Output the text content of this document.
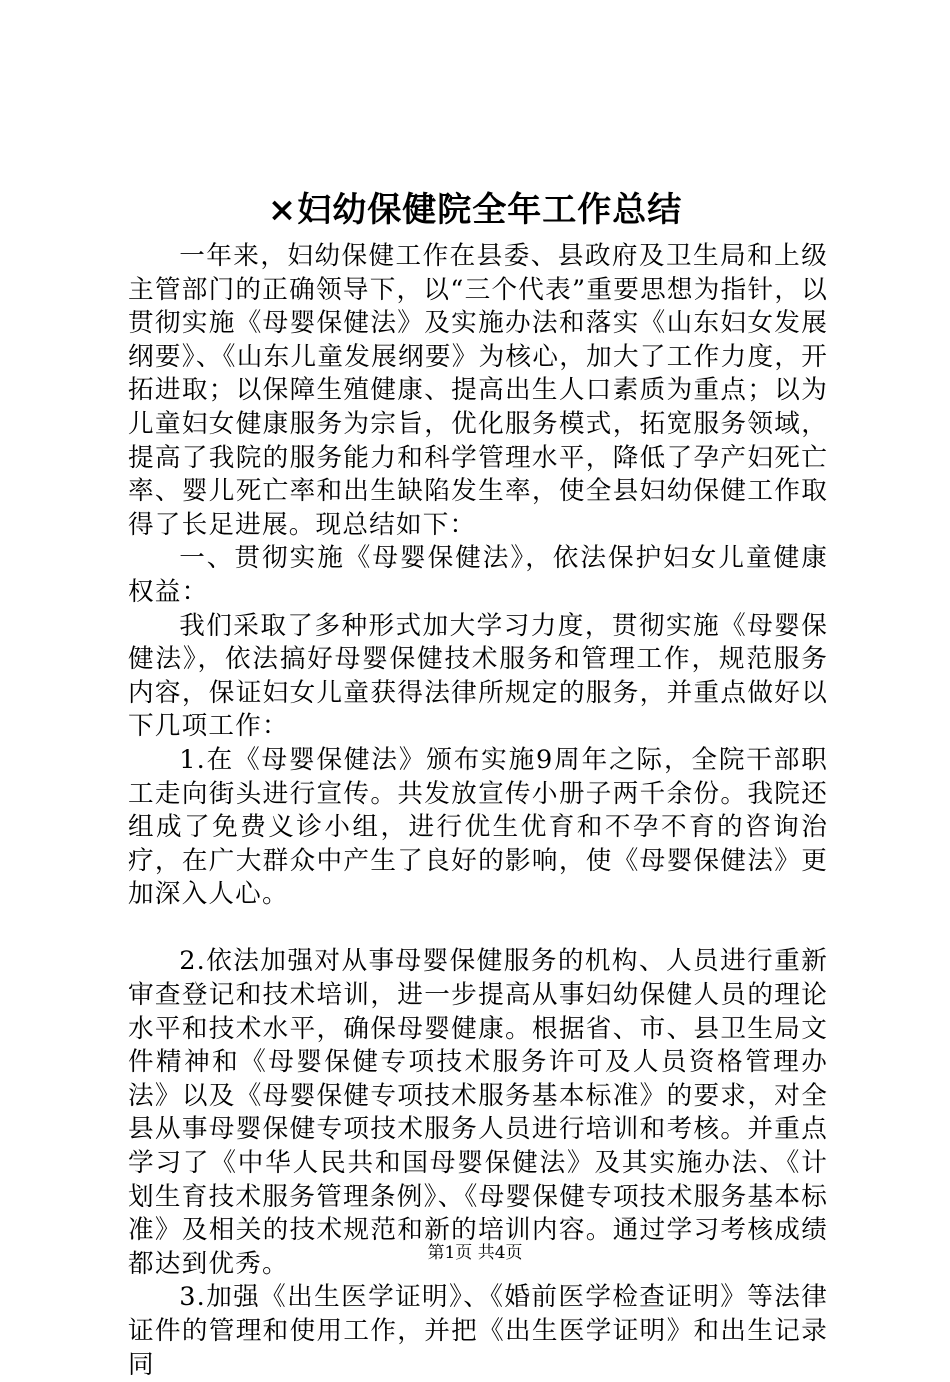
×妇幼保健院全年工作总结

一年来，妇幼保健工作在县委、县政府及卫生局和上级主管部门的正确领导下，以“三个代表”重要思想为指针，以贯彻实施《母婴保健法》及实施办法和落实《山东妇女发展纲要》、《山东儿童发展纲要》为核心，加大了工作力度，开拓进取；以保障生殖健康、提高出生人口素质为重点；以为儿童妇女健康服务为宗旨，优化服务模式，拓宽服务领域，提高了我院的服务能力和科学管理水平，降低了孕产妇死亡率、婴儿死亡率和出生缺陷发生率，使全县妇幼保健工作取得了长足进展。现总结如下：

一、贯彻实施《母婴保健法》，依法保护妇女儿童健康权益：

我们采取了多种形式加大学习力度，贯彻实施《母婴保健法》，依法搞好母婴保健技术服务和管理工作，规范服务内容，保证妇女儿童获得法律所规定的服务，并重点做好以下几项工作：

1.在《母婴保健法》颁布实施9周年之际，全院干部职工走向街头进行宣传。共发放宣传小册子两千余份。我院还组成了免费义诊小组，进行优生优育和不孕不育的咨询治疗，在广大群众中产生了良好的影响，使《母婴保健法》更加深入人心。

2.依法加强对从事母婴保健服务的机构、人员进行重新审查登记和技术培训，进一步提高从事妇幼保健人员的理论水平和技术水平，确保母婴健康。根据省、市、县卫生局文件精神和《母婴保健专项技术服务许可及人员资格管理办法》以及《母婴保健专项技术服务基本标准》的要求，对全县从事母婴保健专项技术服务人员进行培训和考核。并重点学习了《中华人民共和国母婴保健法》及其实施办法、《计划生育技术服务管理条例》、《母婴保健专项技术服务基本标准》及相关的技术规范和新的培训内容。通过学习考核成绩都达到优秀。

3.加强《出生医学证明》、《婚前医学检查证明》等法律证件的管理和使用工作，并把《出生医学证明》和出生记录同

第1页 共4页
